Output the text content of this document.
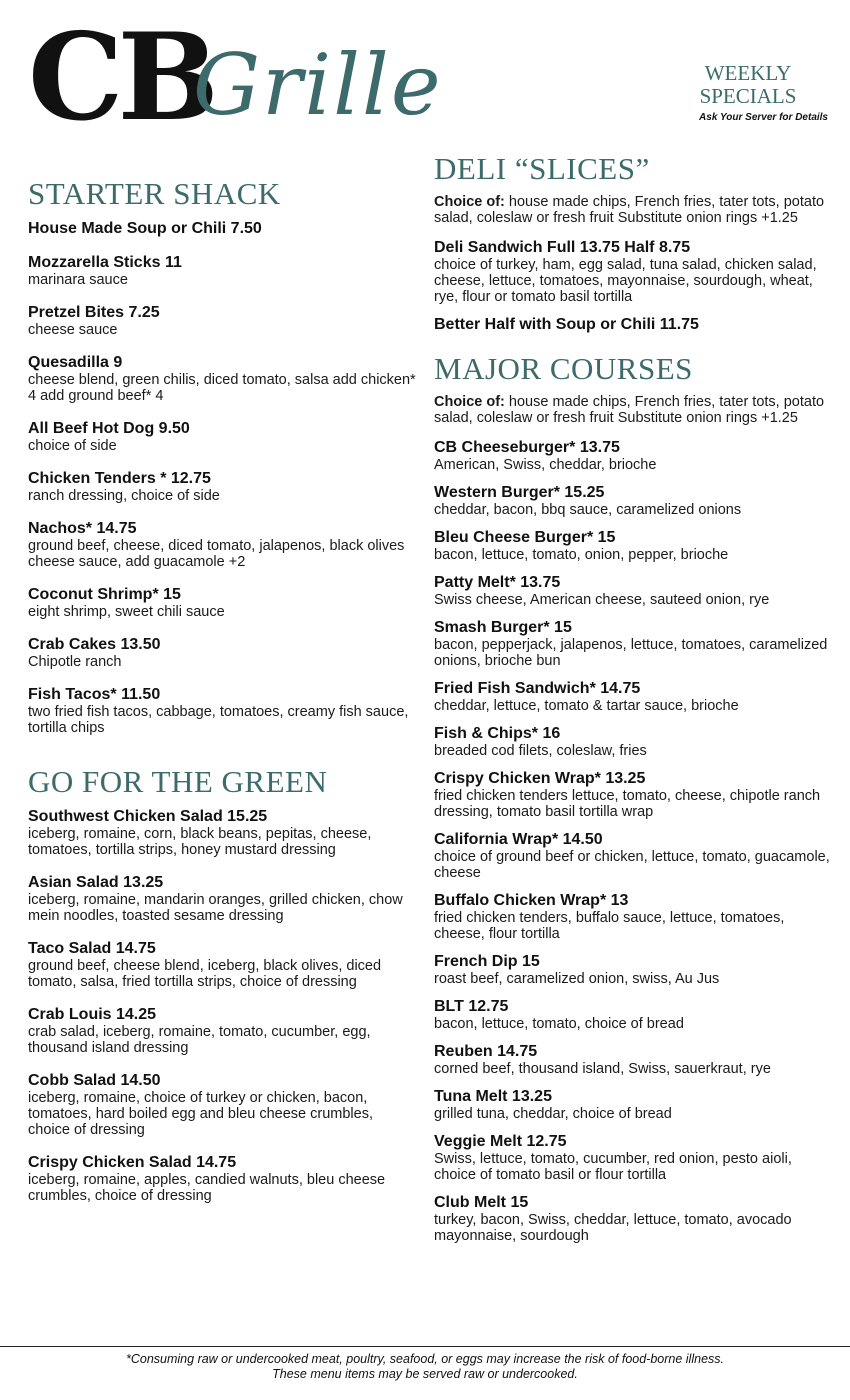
CB
Grille	WEEKLY
SPECIALS
Ask Your Server for Details
STARTER SHACK
House Made Soup or Chili 7.50
Mozzarella Sticks 11
marinara sauce
Pretzel Bites 7.25
cheese sauce
Quesadilla 9
cheese blend, green chilis, diced tomato, salsa add chicken* 4 add ground beef* 4
All Beef Hot Dog 9.50
choice of side
Chicken Tenders * 12.75
ranch dressing, choice of side
Nachos* 14.75
ground beef, cheese, diced tomato, jalapenos, black olives cheese sauce, add guacamole +2
Coconut Shrimp* 15
eight shrimp, sweet chili sauce
Crab Cakes 13.50
Chipotle ranch
Fish Tacos* 11.50
two fried fish tacos, cabbage, tomatoes, creamy fish sauce, tortilla chips
GO FOR THE GREEN
Southwest Chicken Salad 15.25
iceberg, romaine, corn, black beans, pepitas, cheese, tomatoes, tortilla strips, honey mustard dressing
Asian Salad 13.25
iceberg, romaine, mandarin oranges, grilled chicken, chow mein noodles, toasted sesame dressing
Taco Salad 14.75
ground beef, cheese blend, iceberg, black olives, diced tomato, salsa, fried tortilla strips, choice of dressing
Crab Louis 14.25
crab salad, iceberg, romaine, tomato, cucumber, egg, thousand island dressing
Cobb Salad 14.50
iceberg, romaine, choice of turkey or chicken, bacon, tomatoes, hard boiled egg and bleu cheese crumbles, choice of dressing
Crispy Chicken Salad 14.75
iceberg, romaine, apples, candied walnuts, bleu cheese crumbles, choice of dressing
DELI “SLICES”
Choice of: house made chips, French fries, tater tots, potato salad, coleslaw or fresh fruit Substitute onion rings +1.25
Deli Sandwich Full 13.75 Half 8.75
choice of turkey, ham, egg salad, tuna salad, chicken salad, cheese, lettuce, tomatoes, mayonnaise, sourdough, wheat, rye, flour or tomato basil tortilla
Better Half with Soup or Chili 11.75
MAJOR COURSES
Choice of: house made chips, French fries, tater tots, potato salad, coleslaw or fresh fruit Substitute onion rings +1.25
CB Cheeseburger* 13.75
American, Swiss, cheddar, brioche
Western Burger* 15.25
cheddar, bacon, bbq sauce, caramelized onions
Bleu Cheese Burger* 15
bacon, lettuce, tomato, onion, pepper, brioche
Patty Melt* 13.75
Swiss cheese, American cheese, sauteed onion, rye
Smash Burger* 15
bacon, pepperjack, jalapenos, lettuce, tomatoes, caramelized onions, brioche bun
Fried Fish Sandwich* 14.75
cheddar, lettuce, tomato & tartar sauce, brioche
Fish & Chips* 16
breaded cod filets, coleslaw, fries
Crispy Chicken Wrap* 13.25
fried chicken tenders lettuce, tomato, cheese, chipotle ranch dressing, tomato basil tortilla wrap
California Wrap* 14.50
choice of ground beef or chicken, lettuce, tomato, guacamole, cheese
Buffalo Chicken Wrap* 13
fried chicken tenders, buffalo sauce, lettuce, tomatoes, cheese, flour tortilla
French Dip 15
roast beef, caramelized onion, swiss, Au Jus
BLT 12.75
bacon, lettuce, tomato, choice of bread
Reuben 14.75
corned beef, thousand island, Swiss, sauerkraut, rye
Tuna Melt 13.25
grilled tuna, cheddar, choice of bread
Veggie Melt 12.75
Swiss, lettuce, tomato, cucumber, red onion, pesto aioli, choice of tomato basil or flour tortilla
Club Melt 15
turkey, bacon, Swiss, cheddar, lettuce, tomato, avocado mayonnaise, sourdough
*Consuming raw or undercooked meat, poultry, seafood, or eggs may increase the risk of food-borne illness.
These menu items may be served raw or undercooked.
